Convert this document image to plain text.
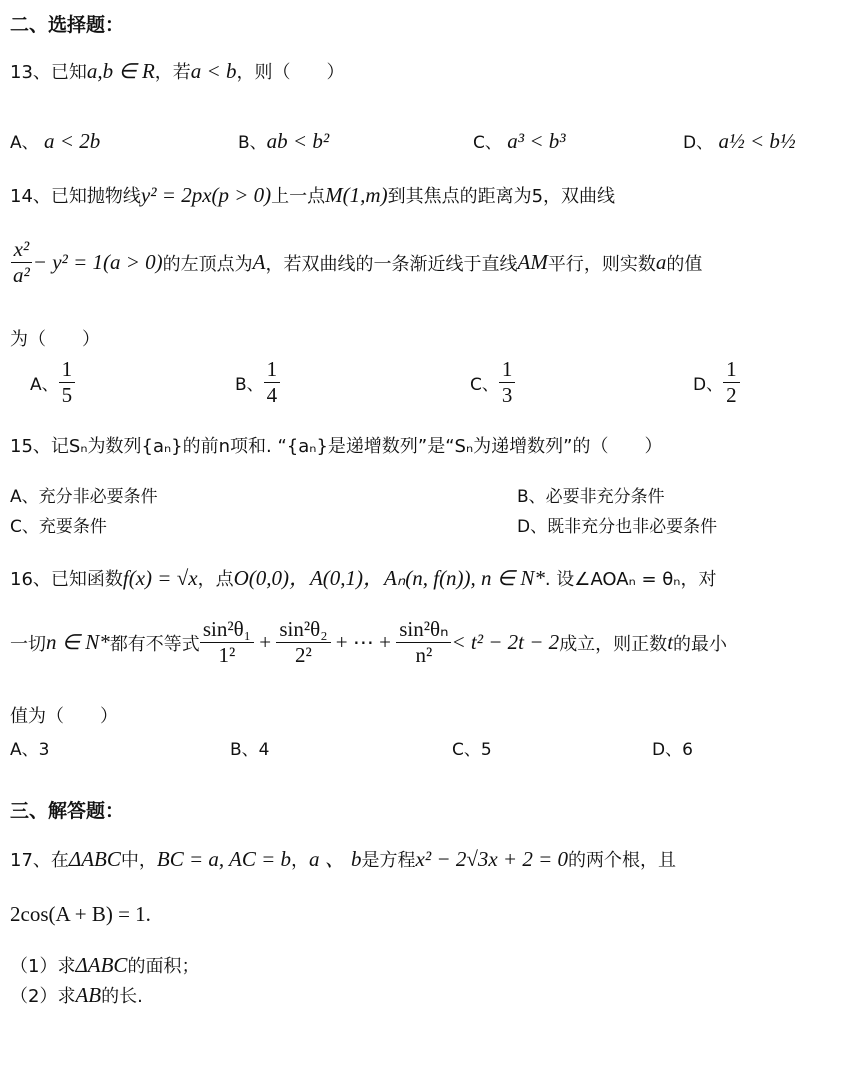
二、选择题：
13、已知a,b ∈ R，若a < b，则（　　）
A、 a < 2b	B、ab < b²	C、 a³ < b³	D、 a½ < b½
14、已知抛物线y² = 2px(p > 0)上一点M(1,m)到其焦点的距离为5，双曲线
$\frac{\text{x²}}{\text{a²}} - y^2 = 1(a > 0)$ 的左顶点为 A ，若双曲线的一条渐近线于直线 AM 平行，则实数 a 的值
为（　　）
A、 $\frac{1}{5}$	B、 $\frac{1}{4}$	C、 $\frac{1}{3}$	D、 $\frac{1}{2}$
15、记Sₙ为数列{aₙ}的前n项和. “{aₙ}是递增数列”是“Sₙ为递增数列”的（　　）
A、充分非必要条件	B、必要非充分条件
C、充要条件	D、既非充分也非必要条件
16、已知函数f(x) = √x，点O(0,0)，A(0,1)，Aₙ(n, f(n)), n ∈ N*. 设∠AOAₙ = θₙ，对
一切 n ∈ N* 都有不等式 $\frac{\text{sin²θ₁}}{\text{1²}} + \frac{\text{sin²θ₂}}{\text{2²}}$ + ⋯ + $\frac{\text{sin²θₙ}}{\text{n²}} < t^2 - 2t - 2$ 成立，则正数 t 的最小
值为（　　）
A、3	B、4	C、5	D、6
三、解答题：
17、在ΔABC中，BC = a, AC = b，a 、 b是方程x² − 2√3x + 2 = 0的两个根，且
2cos(A + B) = 1.
（1）求ΔABC的面积；
（2）求AB的长.
